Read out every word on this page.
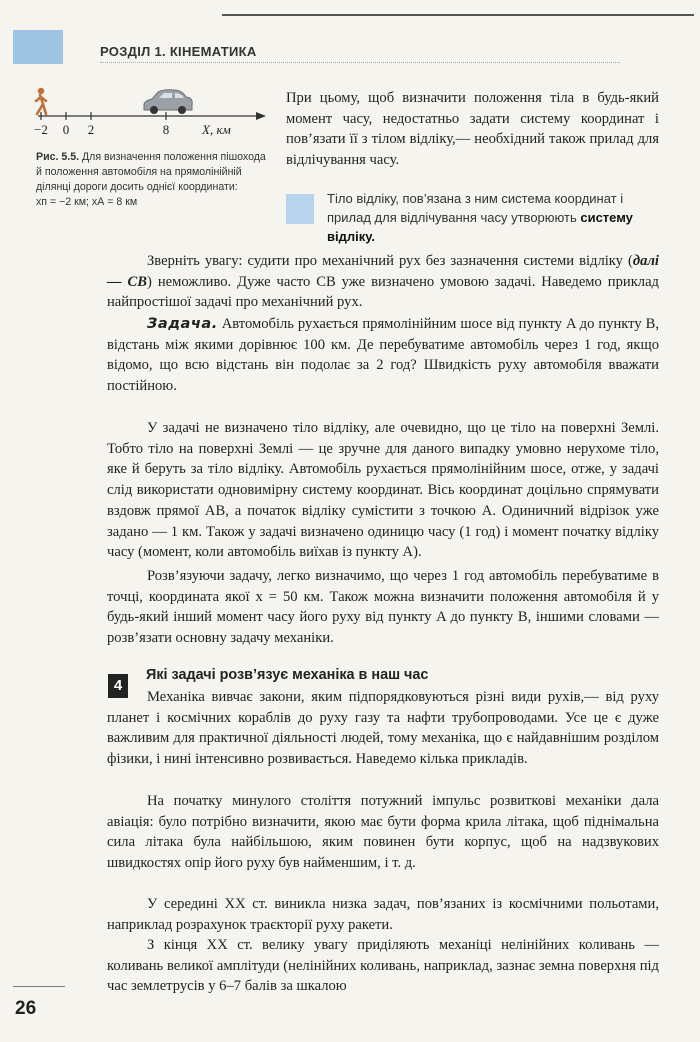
РОЗДІЛ 1. КІНЕМАТИКА
−2 0 2	8	X, км
Рис. 5.5. Для визначення положення пішохода й положення автомобіля на прямолінійній ділянці дороги досить однієї координати:
xп = −2 км; xА = 8 км

При цьому, щоб визначити положення тіла в будь-який момент часу, недостатньо задати систему координат і пов’язати її з тілом відліку,— необхідний також прилад для відлічування часу.

Тіло відліку, пов’язана з ним система координат і прилад для відлічування часу утворюють систему відліку.

Зверніть увагу: судити про механічний рух без зазначення системи відліку (далі — СВ) неможливо. Дуже часто СВ уже визначено умовою задачі. Наведемо приклад найпростішої задачі про механічний рух.

Задача. Автомобіль рухається прямолінійним шосе від пункту A до пункту B, відстань між якими дорівнює 100 км. Де перебуватиме автомобіль через 1 год, якщо відомо, що всю відстань він подолає за 2 год? Швидкість руху автомобіля вважати постійною.

У задачі не визначено тіло відліку, але очевидно, що це тіло на поверхні Землі. Тобто тіло на поверхні Землі — це зручне для даного випадку умовно нерухоме тіло, яке й беруть за тіло відліку. Автомобіль рухається прямолінійним шосе, отже, у задачі слід використати одновимірну систему координат. Вісь координат доцільно спрямувати вздовж прямої AB, а початок відліку сумістити з точкою A. Одиничний відрізок уже задано — 1 км. Також у задачі визначено одиницю часу (1 год) і момент початку відліку часу (момент, коли автомобіль виїхав із пункту A).

Розв’язуючи задачу, легко визначимо, що через 1 год автомобіль перебуватиме в точці, координата якої x = 50 км. Також можна визначити положення автомобіля й у будь-який інший момент часу його руху від пункту A до пункту B, іншими словами — розв’язати основну задачу механіки.

4
Які задачі розв’язує механіка в наш час

Механіка вивчає закони, яким підпорядковуються різні види рухів,— від руху планет і космічних кораблів до руху газу та нафти трубопроводами. Усе це є дуже важливим для практичної діяльності людей, тому механіка, що є найдавнішим розділом фізики, і нині інтенсивно розвивається. Наведемо кілька прикладів.

На початку минулого століття потужний імпульс розвиткові механіки дала авіація: було потрібно визначити, якою має бути форма крила літака, щоб піднімальна сила літака була найбільшою, яким повинен бути корпус, щоб на надзвукових швидкостях опір його руху був найменшим, і т. д.

У середині XX ст. виникла низка задач, пов’язаних із космічними польотами, наприклад розрахунок траєкторії руху ракети.

З кінця XX ст. велику увагу приділяють механіці нелінійних коливань — коливань великої амплітуди (нелінійних коливань, наприклад, зазнає земна поверхня під час землетрусів у 6–7 балів за шкалою

26
